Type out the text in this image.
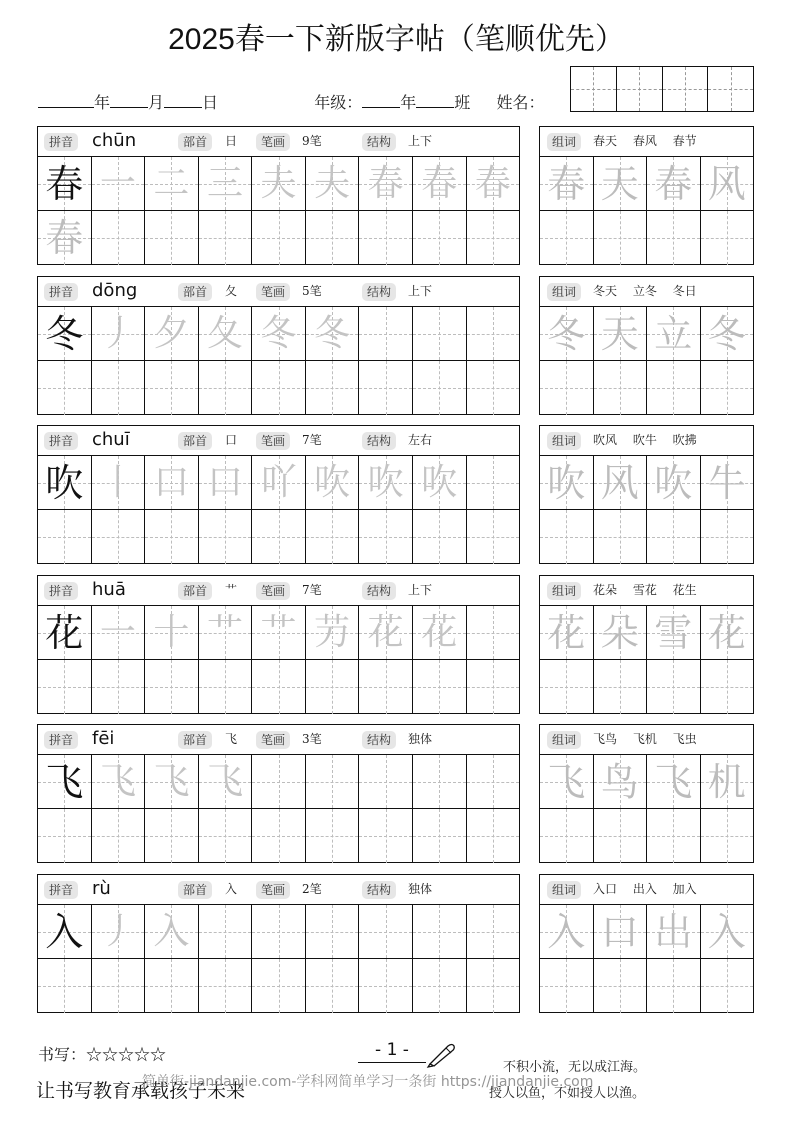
2025春一下新版字帖（笔顺优先）
年 月 日	年级： 年 班 姓名：
拼音 chūn	部首	日	笔画	9笔	结构	上下
春 一 二 三 夫 夫 春 春 春
春
组词	春天　 春风　 春节
春 天 春 风
拼音 dōng	部首	夂	笔画	5笔	结构	上下
冬 丿 夕 夂 冬 冬
组词	冬天　 立冬　 冬日
冬 天 立 冬
拼音 chuī	部首	口	笔画	7笔	结构	左右
吹 丨 口 口 吖 吹 吹 吹
组词	吹风　 吹牛　 吹拂
吹 风 吹 牛
拼音 huā	部首	艹	笔画	7笔	结构	上下
花 一 十 艹 艹 芀 花 花
组词	花朵　 雪花　 花生
花 朵 雪 花
拼音 fēi	部首	飞	笔画	3笔	结构	独体
飞 飞 飞 飞
组词	飞鸟　 飞机　 飞虫
飞 鸟 飞 机
拼音 rù	部首	入	笔画	2笔	结构	独体
入 丿 入
组词	入口　 出入　 加入
入 口 出 入
书写：☆☆☆☆☆
让书写教育承载孩子未来
- 1 -
不积小流，无以成江海。
简单街-jiandanjie.com-学科网简单学习一条街 https://jiandanjie.com
授人以鱼，不如授人以渔。
